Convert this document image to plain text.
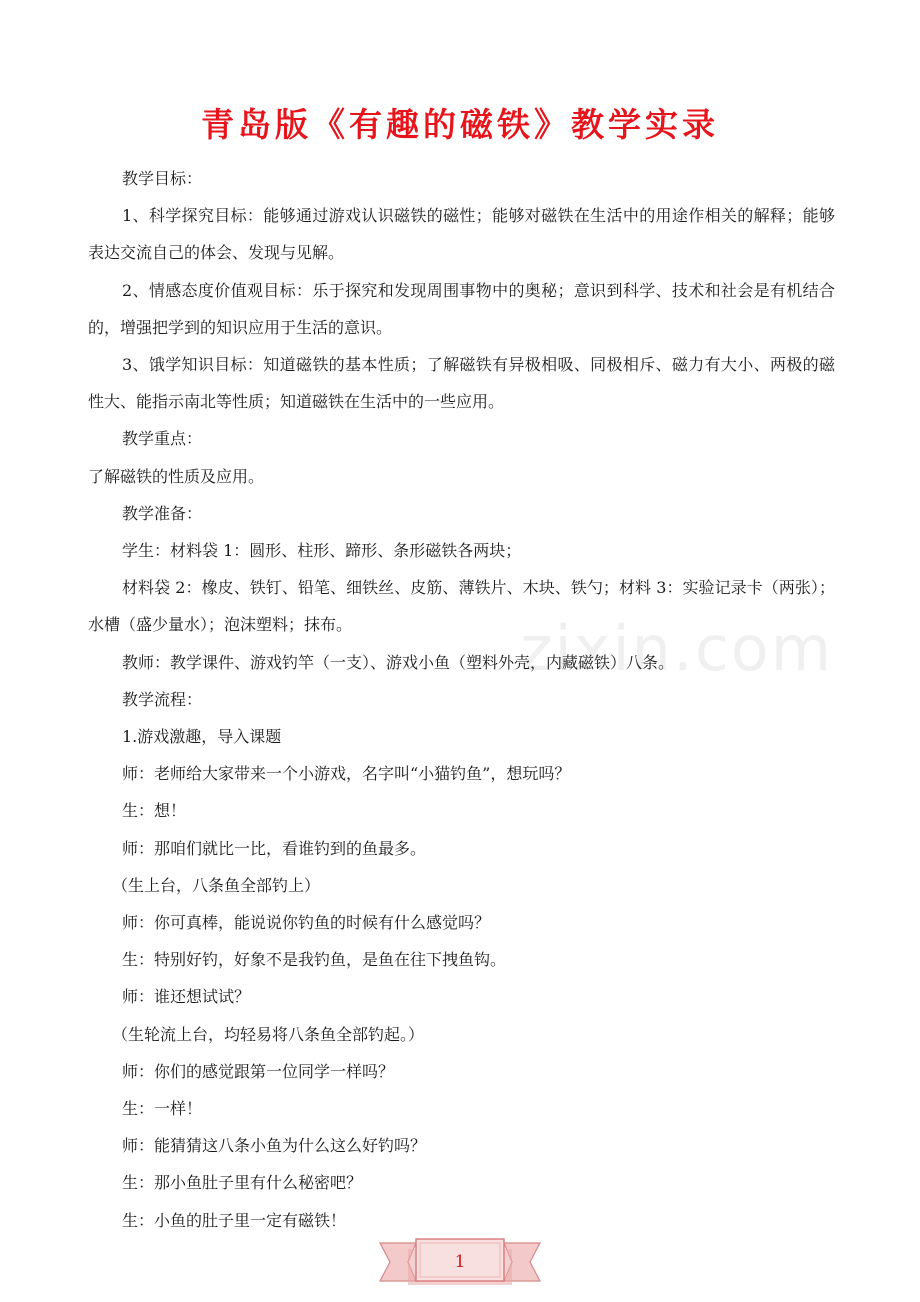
青岛版《有趣的磁铁》教学实录
zixin.com

教学目标：

1、科学探究目标：能够通过游戏认识磁铁的磁性；能够对磁铁在生活中的用途作相关的解释；能够表达交流自己的体会、发现与见解。

2、情感态度价值观目标：乐于探究和发现周围事物中的奥秘；意识到科学、技术和社会是有机结合的，增强把学到的知识应用于生活的意识。

3、饿学知识目标：知道磁铁的基本性质；了解磁铁有异极相吸、同极相斥、磁力有大小、两极的磁性大、能指示南北等性质；知道磁铁在生活中的一些应用。

教学重点：

了解磁铁的性质及应用。

教学准备：

学生：材料袋 1：圆形、柱形、蹄形、条形磁铁各两块；

材料袋 2：橡皮、铁钉、铅笔、细铁丝、皮筋、薄铁片、木块、铁勺；材料 3：实验记录卡（两张）；水槽（盛少量水）；泡沫塑料；抹布。

教师：教学课件、游戏钓竿（一支）、游戏小鱼（塑料外壳，内藏磁铁）八条。

教学流程：

1.游戏激趣，导入课题

师：老师给大家带来一个小游戏，名字叫“小猫钓鱼”，想玩吗？

生：想！

师：那咱们就比一比，看谁钓到的鱼最多。

（生上台，八条鱼全部钓上）

师：你可真棒，能说说你钓鱼的时候有什么感觉吗？

生：特别好钓，好象不是我钓鱼，是鱼在往下拽鱼钩。

师：谁还想试试？

（生轮流上台，均轻易将八条鱼全部钓起。）

师：你们的感觉跟第一位同学一样吗？

生：一样！

师：能猜猜这八条小鱼为什么这么好钓吗？

生：那小鱼肚子里有什么秘密吧？

生：小鱼的肚子里一定有磁铁！

1
